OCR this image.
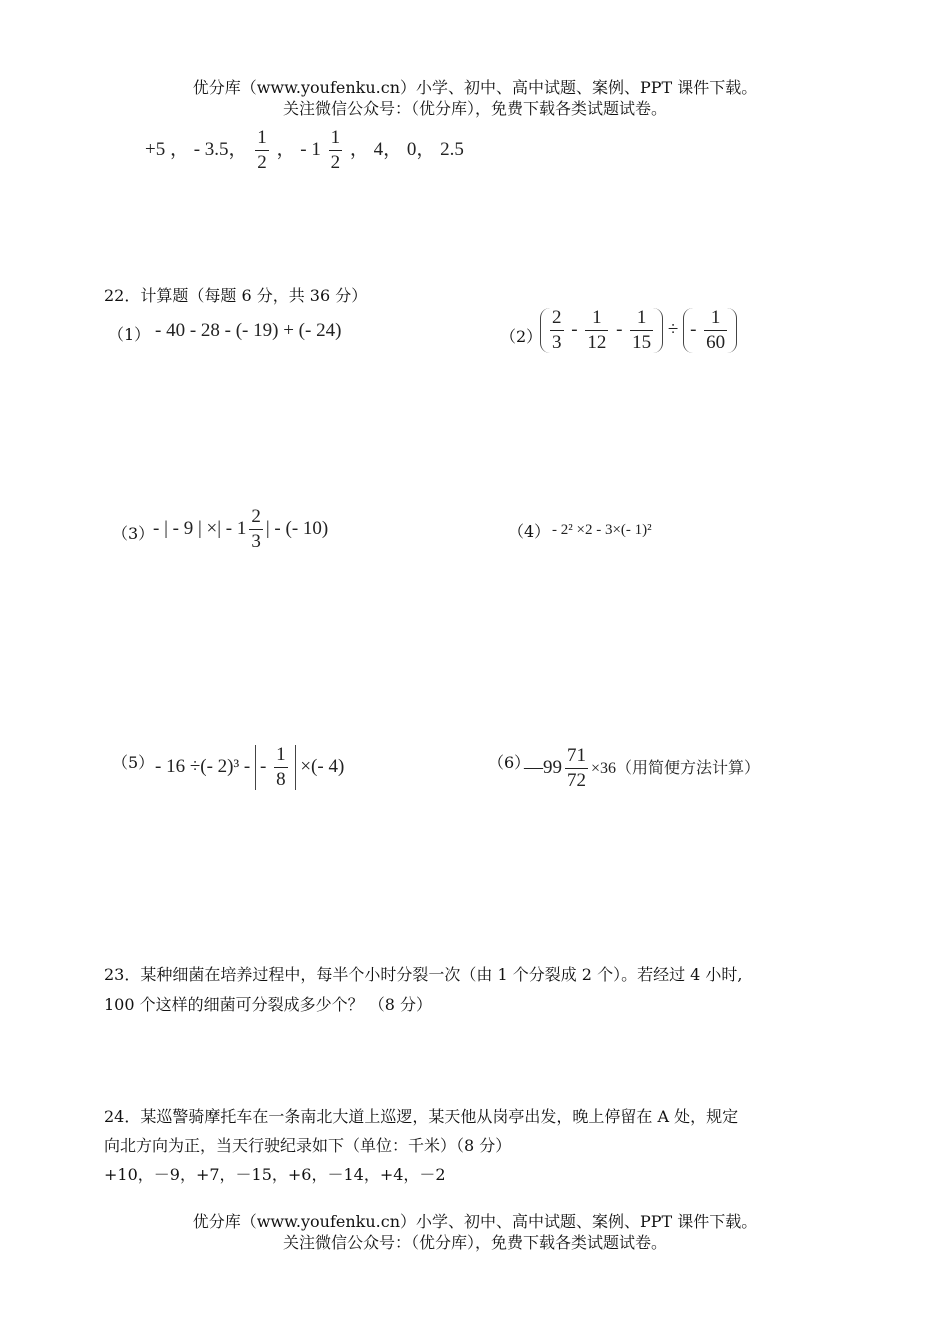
优分库（www.youfenku.cn）小学、初中、高中试题、案例、PPT 课件下载。
关注微信公众号：（优分库），免费下载各类试题试卷。
+5 ， - 3.5， $\frac{1}{2}$ ， - $1 \frac{1}{2}$ ， 4， 0， 2.5
22．计算题（每题 6 分，共 36 分）
（1） - 40 - 28 - (- 19) + (- 24)	$(2) \frac{2}{3} - \frac{1}{12} - \frac{1}{15}$ ÷ - $\frac{1}{60}$
（3）
- | - 9 | ×| - $1 \frac{2}{3}$ | - (- 10)	（4） - 2² ×2 - 3×(- 1)²
（5） - 16 ÷(- 2)³ - - $\frac{1}{8}$ ×(- 4)	（6）
—99 $\frac{71}{72} \times 36$（用简便方法计算）
23．某种细菌在培养过程中，每半个小时分裂一次（由 1 个分裂成 2 个）。若经过 4 小时,
100 个这样的细菌可分裂成多少个？ （8 分）
24．某巡警骑摩托车在一条南北大道上巡逻，某天他从岗亭出发，晚上停留在 A 处，规定
向北方向为正，当天行驶纪录如下（单位：千米）（8 分）
+10，－9，+7，－15，+6，－14，+4，－2
优分库（www.youfenku.cn）小学、初中、高中试题、案例、PPT 课件下载。
关注微信公众号：（优分库），免费下载各类试题试卷。
